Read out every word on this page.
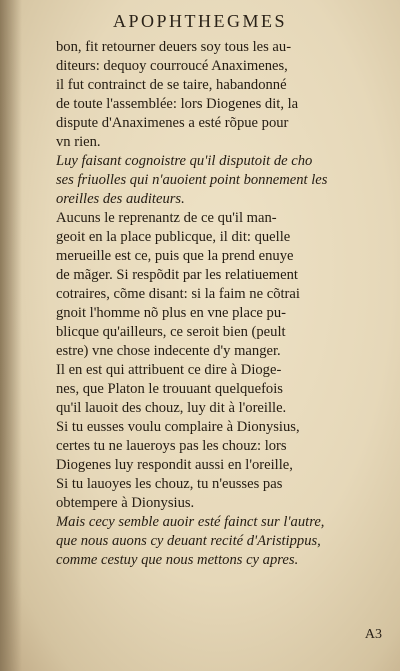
APOPHTHEGMES
bon, fit retourner deuers soy tous les au-
diteurs: dequoy courroucé Anaximenes,
il fut contrainct de se taire, habandonné
de toute l'assemblée: lors Diogenes dit, la
dispute d'Anaximenes a esté rõpue pour
vn rien.
Luy faisant cognoistre qu'il disputoit de cho
ses friuolles qui n'auoient point bonnement les
oreilles des auditeurs.
Aucuns le reprenantz de ce qu'il man-
geoit en la place publicque, il dit: quelle
merueille est ce, puis que la prend enuye
de mãger. Si respõdit par les relatiuement
cotraires, cõme disant: si la faim ne cõtrai
gnoit l'homme nõ plus en vne place pu-
blicque qu'ailleurs, ce seroit bien (peult
estre) vne chose indecente d'y manger.
Il en est qui attribuent ce dire à Dioge-
nes, que Platon le trouuant quelquefois
qu'il lauoit des chouz, luy dit à l'oreille.
Si tu eusses voulu complaire à Dionysius,
certes tu ne laueroys pas les chouz: lors
Diogenes luy respondit aussi en l'oreille,
Si tu lauoyes les chouz, tu n'eusses pas
obtempere à Dionysius.
Mais cecy semble auoir esté fainct sur l'autre,
que nous auons cy deuant recité d'Aristippus,
comme cestuy que nous mettons cy apres.
A3
